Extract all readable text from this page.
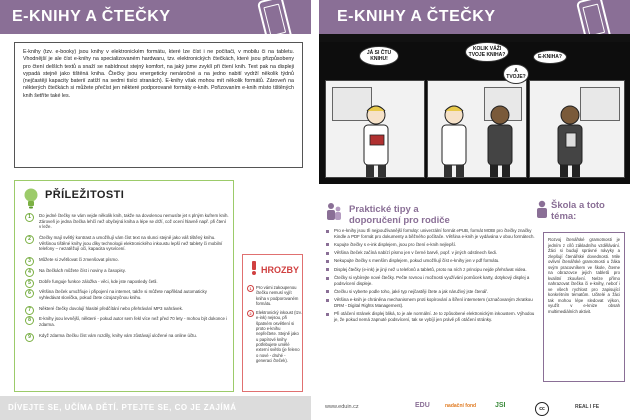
E-KNIHY A ČTEČKY

E-knihy (tzv. e-booky) jsou knihy v elektronickém formátu, které lze číst i ne počítači, v mobilu či na tabletu. Vhodnější je ale číst e-knihy na specializovaném hardwaru, tzv. elektronických čtečkách, které jsou přizpůsobeny pro čtení delších textů a snaží se nabídnout stejný komfort, na jaký jsme zvyklí při čtení knih. Text pak na displeji vypadá stejně jako tištěná kniha. Čtečky jsou energeticky nenáročné a na jedno nabití vydrží několik týdnů (nejčastěji kapacity baterií zatíží na sedmi tisíci stranách). E-knihy však mohou mít několik formátů. Zároveň na některých čtečkách si můžete přečíst jen některé podporované formáty e-knih. Pořizovaním e-knih místo tištěných knih šetříte také les.

PŘÍLEŽITOSTI
1	Do jedné čtečky se vám vejde několik knih, takže na dovolenou nemusíte jet s plným kufrem knih. Zároveň je jedna čtečka lehčí než obyčejná kniha a lépe se drží, což ocení hlavně např. při čtení v leže.
2	Čtečky mají světlý kontrast a umožňují vám číst text na slunci stejně jako váš tištěný knihu. Většinou tištěné knihy jsou díky technologii elektronického inkoustu lepší než tablety či mobilní telefony – nezatěžují oči, kapacita vysvícení.
3	Můžete si zvětšovat či zmenšovat písmo.
4	Na čtečkách můžete číst i noviny a časopisy.
5	Dobře funguje funkce záložka - věci, kde jste naposledy četli.
6	Většina čteček umožňuje i připojení na internet, takže si můžete například automaticky vyhledávat slovíčka, pokud čtete cizojazyčnou knihu.
7	Některé čtečky dovolují hlasité předčítání nebo přehrávání MP3 nahrávek.
8	E-knihy jsou levnější, některé - pokud autor sem řekl více než před 70 lety - mohou být dokonce i zdarma.
9	Když zdarma čtečku číst vám rozdíly, knihy vám zůstávají uložené na online účtu.
HROZBY
1	Pro vámi zakoupenou čtečku nemusí vyjít kniha v podporovaném formátu.
2	Elektronický inkoust (tzv. e-ink) nejsou, při špatném osvětlení si proto e-knihu nepřečtete. Stejně jako u papírové knihy potřebujete umělé externí světlo (je řeleno o nové - druhé - generaci čteček).
DÍVEJTE SE, UČÍMA DĚTÍ. PTEJTE SE, CO JE ZAJÍMÁ
E-KNIHY A ČTEČKY
JÁ SI ČTU KNIHU!
KOLIK VÁŽI TVOJE KNIHA?
A TVOJE?
E-KNIHA?
Praktické tipy a doporučení pro rodiče
Škola a toto téma:
Pro e-knihy jsou tři nejpoužívanější formáty: univerzální formát ePUB, formát MOBI pro čtečky značky Kindle a PDF formát pro dokumenty a běžného počítače. Většina e-knih je vydávána v obou formátech.
Kupujte čtečky s e-ink displejem, jsou pro čtení e-knih nejlepší.
Většina čteček začíná nabízí písmo jen v černé barvě, popř. v jiných odstínech šedi.
Nekupujte čtečky s menším displejem, pokud umožňují číst e-knihy jen v pdf formátu.
Displej čtečky (e-ink) je jiný než u telefonů a tabletů, proto na ních z principu nejde přehrávat videa.
Čtečky si vybírejte nové čtečky. Pečte rovnou i možnosti využívání pomůcek karty, dotykový displej a podsvícení displeje.
Čtečku si vyberte podle toho, jaké typ nejčastěji čtete a jak náruživý jste čtenář.
Většina e-knih je chráněna mechanismem proti kopírování a šíření internetem (označovaným zkratkou DRM - Digital Rights Management).
Při otáčení stránek displej bliká, to je ale normální. Je to způsobené elektronickým inkoustem. Výhodou je, že pokud nemá zapnuté podsvícení, tak se vybíjí jen právě při otáčení stránky.

Rozvoj čtenářské gramotnosti je jedním z cílů základního vzdělávání. Žáci si budují správné návyky a zlepšují čtenářské dovednosti. Mile ovlivní čtenářské gramotnosti u žáka svým pracovníkem ve škole, čteme na obrazovce jejich tabletů pro kvalitní zkoušení. Nelze přímo nahrazovat čtečka či e-knihy, neboť i ve všech rychlost pro zapisující konkrétním tématům. Učitelé a žáci tak mohou lépe sledovat výkon, využít v e-knize obsah multimediálních aktivit.

www.eduin.cz	EDU	nadační fond	JSI	cc	REAL I FE
